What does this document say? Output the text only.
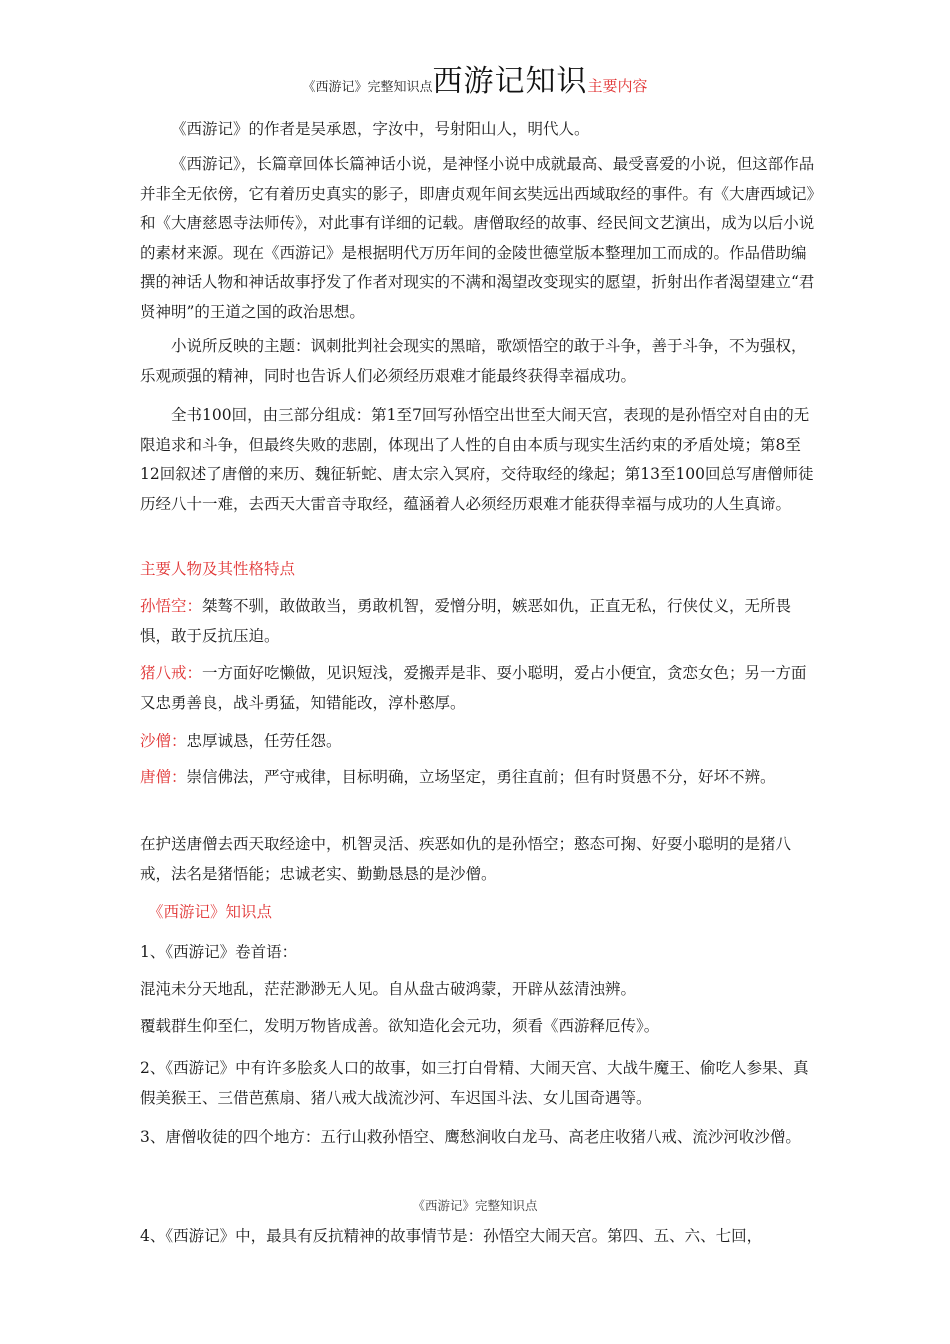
《西游记》完整知识点西游记知识主要内容

《西游记》的作者是吴承恩，字汝中，号射阳山人，明代人。

《西游记》，长篇章回体长篇神话小说，是神怪小说中成就最高、最受喜爱的小说，但这部作品并非全无依傍，它有着历史真实的影子，即唐贞观年间玄奘远出西域取经的事件。有《大唐西域记》和《大唐慈恩寺法师传》，对此事有详细的记载。唐僧取经的故事、经民间文艺演出，成为以后小说的素材来源。现在《西游记》是根据明代万历年间的金陵世德堂版本整理加工而成的。作品借助编撰的神话人物和神话故事抒发了作者对现实的不满和渴望改变现实的愿望，折射出作者渴望建立“君贤神明”的王道之国的政治思想。

小说所反映的主题：讽刺批判社会现实的黑暗，歌颂悟空的敢于斗争，善于斗争，不为强权，乐观顽强的精神，同时也告诉人们必须经历艰难才能最终获得幸福成功。

全书100回，由三部分组成：第1至7回写孙悟空出世至大闹天宫，表现的是孙悟空对自由的无限追求和斗争，但最终失败的悲剧，体现出了人性的自由本质与现实生活约束的矛盾处境；第8至12回叙述了唐僧的来历、魏征斩蛇、唐太宗入冥府，交待取经的缘起；第13至100回总写唐僧师徒历经八十一难，去西天大雷音寺取经，蕴涵着人必须经历艰难才能获得幸福与成功的人生真谛。

主要人物及其性格特点

孙悟空：桀骜不驯，敢做敢当，勇敢机智，爱憎分明，嫉恶如仇，正直无私，行侠仗义，无所畏惧，敢于反抗压迫。

猪八戒：一方面好吃懒做，见识短浅，爱搬弄是非、耍小聪明，爱占小便宜，贪恋女色；另一方面又忠勇善良，战斗勇猛，知错能改，淳朴憨厚。

沙僧：忠厚诚恳，任劳任怨。

唐僧：崇信佛法，严守戒律，目标明确，立场坚定，勇往直前；但有时贤愚不分，好坏不辨。

在护送唐僧去西天取经途中，机智灵活、疾恶如仇的是孙悟空；憨态可掬、好耍小聪明的是猪八戒，法名是猪悟能；忠诚老实、勤勤恳恳的是沙僧。

《西游记》知识点

1、《西游记》卷首语：

混沌未分天地乱，茫茫渺渺无人见。自从盘古破鸿蒙，开辟从兹清浊辨。

覆载群生仰至仁，发明万物皆成善。欲知造化会元功，须看《西游释厄传》。

2、《西游记》中有许多脍炙人口的故事，如三打白骨精、大闹天宫、大战牛魔王、偷吃人参果、真假美猴王、三借芭蕉扇、猪八戒大战流沙河、车迟国斗法、女儿国奇遇等。

3、唐僧收徒的四个地方：五行山救孙悟空、鹰愁涧收白龙马、高老庄收猪八戒、流沙河收沙僧。

《西游记》完整知识点

4、《西游记》中，最具有反抗精神的故事情节是：孙悟空大闹天宫。第四、五、六、七回，
